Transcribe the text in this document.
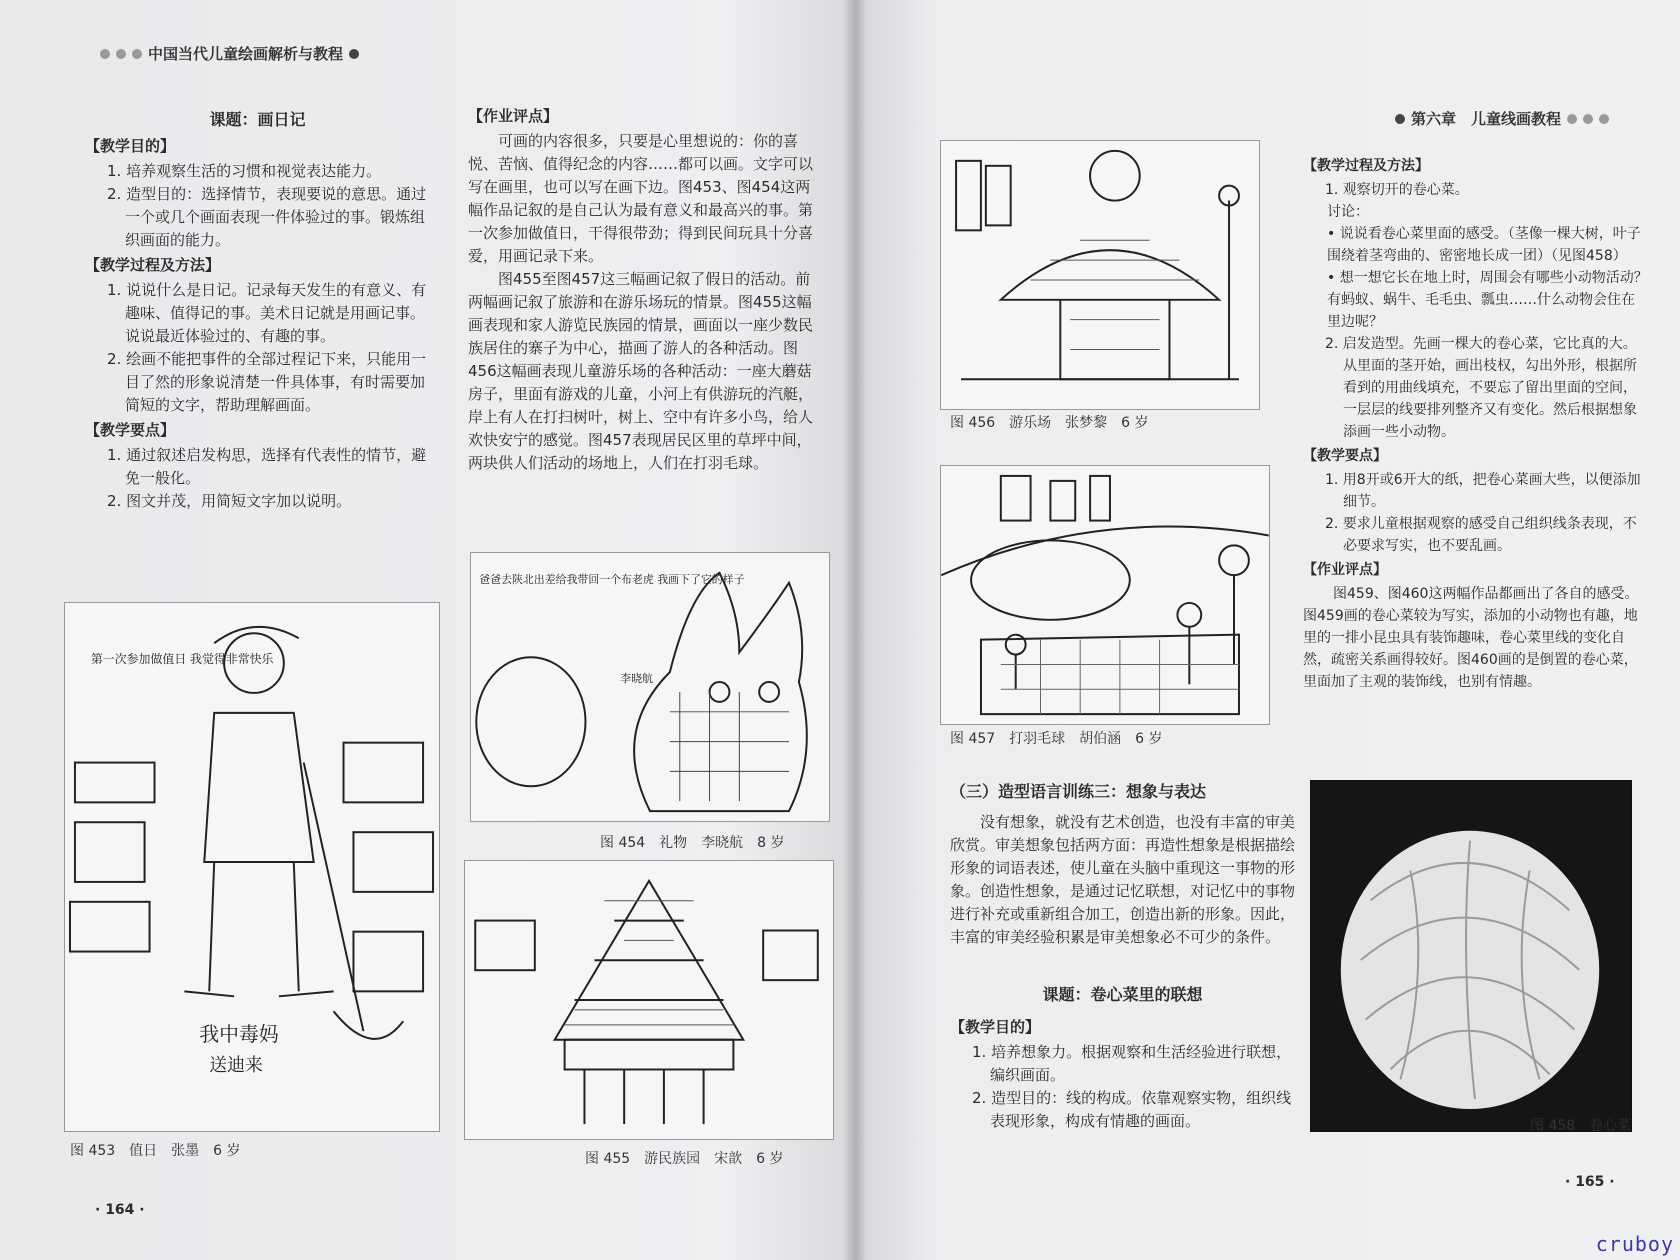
中国当代儿童绘画解析与教程
课题：画日记
【教学目的】
1. 培养观察生活的习惯和视觉表达能力。
2. 造型目的：选择情节，表现要说的意思。通过一个或几个画面表现一件体验过的事。锻炼组织画面的能力。
【教学过程及方法】
1. 说说什么是日记。记录每天发生的有意义、有趣味、值得记的事。美术日记就是用画记事。说说最近体验过的、有趣的事。
2. 绘画不能把事件的全部过程记下来，只能用一目了然的形象说清楚一件具体事，有时需要加简短的文字，帮助理解画面。
【教学要点】
1. 通过叙述启发构思，选择有代表性的情节，避免一般化。
2. 图文并茂，用简短文字加以说明。
【作业评点】
可画的内容很多，只要是心里想说的：你的喜悦、苦恼、值得纪念的内容……都可以画。文字可以写在画里，也可以写在画下边。图453、图454这两幅作品记叙的是自己认为最有意义和最高兴的事。第一次参加做值日，干得很带劲；得到民间玩具十分喜爱，用画记录下来。
图455至图457这三幅画记叙了假日的活动。前两幅画记叙了旅游和在游乐场玩的情景。图455这幅画表现和家人游览民族园的情景，画面以一座少数民族居住的寨子为中心，描画了游人的各种活动。图456这幅画表现儿童游乐场的各种活动：一座大蘑菇房子，里面有游戏的儿童，小河上有供游玩的汽艇，岸上有人在打扫树叶，树上、空中有许多小鸟，给人欢快安宁的感觉。图457表现居民区里的草坪中间，两块供人们活动的场地上，人们在打羽毛球。
第一次参加做值日 我觉得非常快乐
我中毒妈
送迪来
图 453　值日　张墨　6 岁
爸爸去陕北出差给我带回一个布老虎 我画下了它的样子
李晓航
图 454　礼物　李晓航　8 岁
图 455　游民族园　宋歆　6 岁
· 164 ·
第六章　儿童线画教程
图 456　游乐场　张梦黎　6 岁
图 457　打羽毛球　胡伯涵　6 岁
（三）造型语言训练三：想象与表达
没有想象，就没有艺术创造，也没有丰富的审美欣赏。审美想象包括两方面：再造性想象是根据描绘形象的词语表述，使儿童在头脑中重现这一事物的形象。创造性想象，是通过记忆联想，对记忆中的事物进行补充或重新组合加工，创造出新的形象。因此，丰富的审美经验积累是审美想象必不可少的条件。
课题：卷心菜里的联想
【教学目的】
1. 培养想象力。根据观察和生活经验进行联想，编织画面。
2. 造型目的：线的构成。依靠观察实物，组织线表现形象，构成有情趣的画面。
【教学过程及方法】
1. 观察切开的卷心菜。
讨论：
• 说说看卷心菜里面的感受。（茎像一棵大树，叶子围绕着茎弯曲的、密密地长成一团）（见图458）
• 想一想它长在地上时，周围会有哪些小动物活动？有蚂蚁、蜗牛、毛毛虫、瓢虫……什么动物会住在里边呢？
2. 启发造型。先画一棵大的卷心菜，它比真的大。从里面的茎开始，画出枝权，勾出外形，根据所看到的用曲线填充，不要忘了留出里面的空间，一层层的线要排列整齐又有变化。然后根据想象添画一些小动物。
【教学要点】
1. 用8开或6开大的纸，把卷心菜画大些，以便添加细节。
2. 要求儿童根据观察的感受自己组织线条表现，不必要求写实，也不要乱画。
【作业评点】
图459、图460这两幅作品都画出了各自的感受。图459画的卷心菜较为写实，添加的小动物也有趣，地里的一排小昆虫具有装饰趣味，卷心菜里线的变化自然，疏密关系画得较好。图460画的是倒置的卷心菜，里面加了主观的装饰线，也别有情趣。
图 458　卷心菜
· 165 ·
cruboy
